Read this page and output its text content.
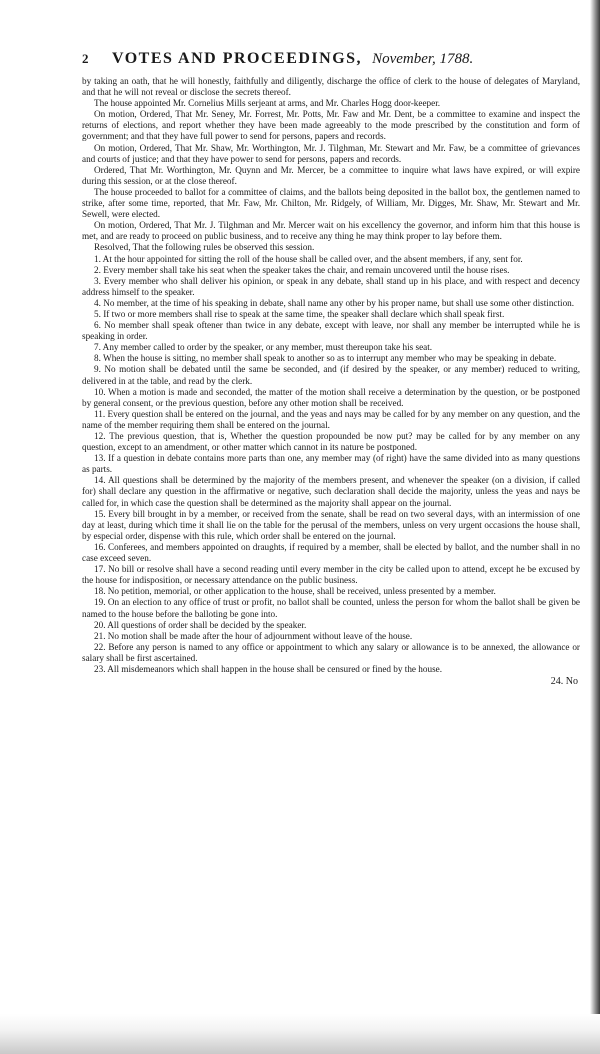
2	VOTES AND PROCEEDINGS, November, 1788.

by taking an oath, that he will honestly, faithfully and diligently, discharge the office of clerk to the house of delegates of Maryland, and that he will not reveal or disclose the secrets thereof.

The house appointed Mr. Cornelius Mills serjeant at arms, and Mr. Charles Hogg door-keeper.

On motion, Ordered, That Mr. Seney, Mr. Forrest, Mr. Potts, Mr. Faw and Mr. Dent, be a committee to examine and inspect the returns of elections, and report whether they have been made agreeably to the mode prescribed by the constitution and form of government; and that they have full power to send for persons, papers and records.

On motion, Ordered, That Mr. Shaw, Mr. Worthington, Mr. J. Tilghman, Mr. Stewart and Mr. Faw, be a committee of grievances and courts of justice; and that they have power to send for persons, papers and records.

Ordered, That Mr. Worthington, Mr. Quynn and Mr. Mercer, be a committee to inquire what laws have expired, or will expire during this session, or at the close thereof.

The house proceeded to ballot for a committee of claims, and the ballots being deposited in the ballot box, the gentlemen named to strike, after some time, reported, that Mr. Faw, Mr. Chilton, Mr. Ridgely, of William, Mr. Digges, Mr. Shaw, Mr. Stewart and Mr. Sewell, were elected.

On motion, Ordered, That Mr. J. Tilghman and Mr. Mercer wait on his excellency the governor, and inform him that this house is met, and are ready to proceed on public business, and to receive any thing he may think proper to lay before them.

Resolved, That the following rules be observed this session.

1. At the hour appointed for sitting the roll of the house shall be called over, and the absent members, if any, sent for.

2. Every member shall take his seat when the speaker takes the chair, and remain uncovered until the house rises.

3. Every member who shall deliver his opinion, or speak in any debate, shall stand up in his place, and with respect and decency address himself to the speaker.

4. No member, at the time of his speaking in debate, shall name any other by his proper name, but shall use some other distinction.

5. If two or more members shall rise to speak at the same time, the speaker shall declare which shall speak first.

6. No member shall speak oftener than twice in any debate, except with leave, nor shall any member be interrupted while he is speaking in order.

7. Any member called to order by the speaker, or any member, must thereupon take his seat.

8. When the house is sitting, no member shall speak to another so as to interrupt any member who may be speaking in debate.

9. No motion shall be debated until the same be seconded, and (if desired by the speaker, or any member) reduced to writing, delivered in at the table, and read by the clerk.

10. When a motion is made and seconded, the matter of the motion shall receive a determination by the question, or be postponed by general consent, or the previous question, before any other motion shall be received.

11. Every question shall be entered on the journal, and the yeas and nays may be called for by any member on any question, and the name of the member requiring them shall be entered on the journal.

12. The previous question, that is, Whether the question propounded be now put? may be called for by any member on any question, except to an amendment, or other matter which cannot in its nature be postponed.

13. If a question in debate contains more parts than one, any member may (of right) have the same divided into as many questions as parts.

14. All questions shall be determined by the majority of the members present, and whenever the speaker (on a division, if called for) shall declare any question in the affirmative or negative, such declaration shall decide the majority, unless the yeas and nays be called for, in which case the question shall be determined as the majority shall appear on the journal.

15. Every bill brought in by a member, or received from the senate, shall be read on two several days, with an intermission of one day at least, during which time it shall lie on the table for the perusal of the members, unless on very urgent occasions the house shall, by especial order, dispense with this rule, which order shall be entered on the journal.

16. Conferees, and members appointed on draughts, if required by a member, shall be elected by ballot, and the number shall in no case exceed seven.

17. No bill or resolve shall have a second reading until every member in the city be called upon to attend, except he be excused by the house for indisposition, or necessary attendance on the public business.

18. No petition, memorial, or other application to the house, shall be received, unless presented by a member.

19. On an election to any office of trust or profit, no ballot shall be counted, unless the person for whom the ballot shall be given be named to the house before the balloting be gone into.

20. All questions of order shall be decided by the speaker.

21. No motion shall be made after the hour of adjournment without leave of the house.

22. Before any person is named to any office or appointment to which any salary or allowance is to be annexed, the allowance or salary shall be first ascertained.

23. All misdemeanors which shall happen in the house shall be censured or fined by the house.

24. No
